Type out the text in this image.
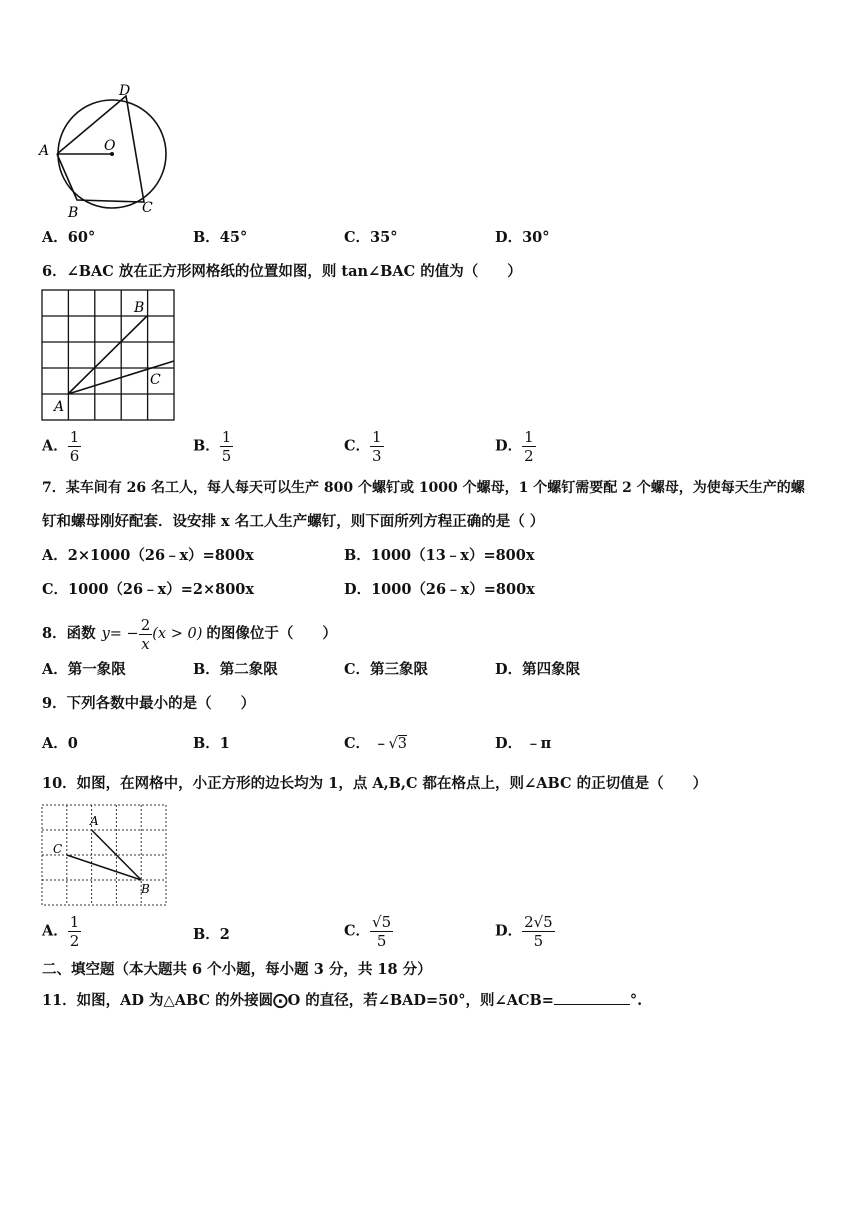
D
A	O
B	C
A．60°	B．45°	C．35°	D．30°
6．∠BAC 放在正方形网格纸的位置如图，则 tan∠BAC 的值为（　　）
B
C
A
A． $\frac{1}{6}$	B． $\frac{1}{5}$	C． $\frac{1}{3}$	D． $\frac{1}{2}$
7．某车间有 26 名工人，每人每天可以生产 800 个螺钉或 1000 个螺母，1 个螺钉需要配 2 个螺母，为使每天生产的螺
钉和螺母刚好配套．设安排 x 名工人生产螺钉，则下面所列方程正确的是（ ）
A．2×1000（26﹣x）=800x	B．1000（13﹣x）=800x
C．1000（26﹣x）=2×800x	D．1000（26﹣x）=800x
8．函数 y = − $\frac{2}{x} (x > 0)$ 的图像位于（　　）
A．第一象限	B．第二象限	C．第三象限	D．第四象限
9．下列各数中最小的是（　　）
A．0	B．1	C． ﹣√3	D． ﹣π
10．如图，在网格中，小正方形的边长均为 1，点 A,B,C 都在格点上，则∠ABC 的正切值是（　　）
A
C
B
A． $\frac{1}{2}$	B．2	C． $\frac{√5}{5}$	D． $\frac{2√5}{5}$
二、填空题（本大题共 6 个小题，每小题 3 分，共 18 分）
11．如图，AD 为△ABC 的外接圆⨀O 的直径，若∠BAD=50°，则∠ACB=	°.
